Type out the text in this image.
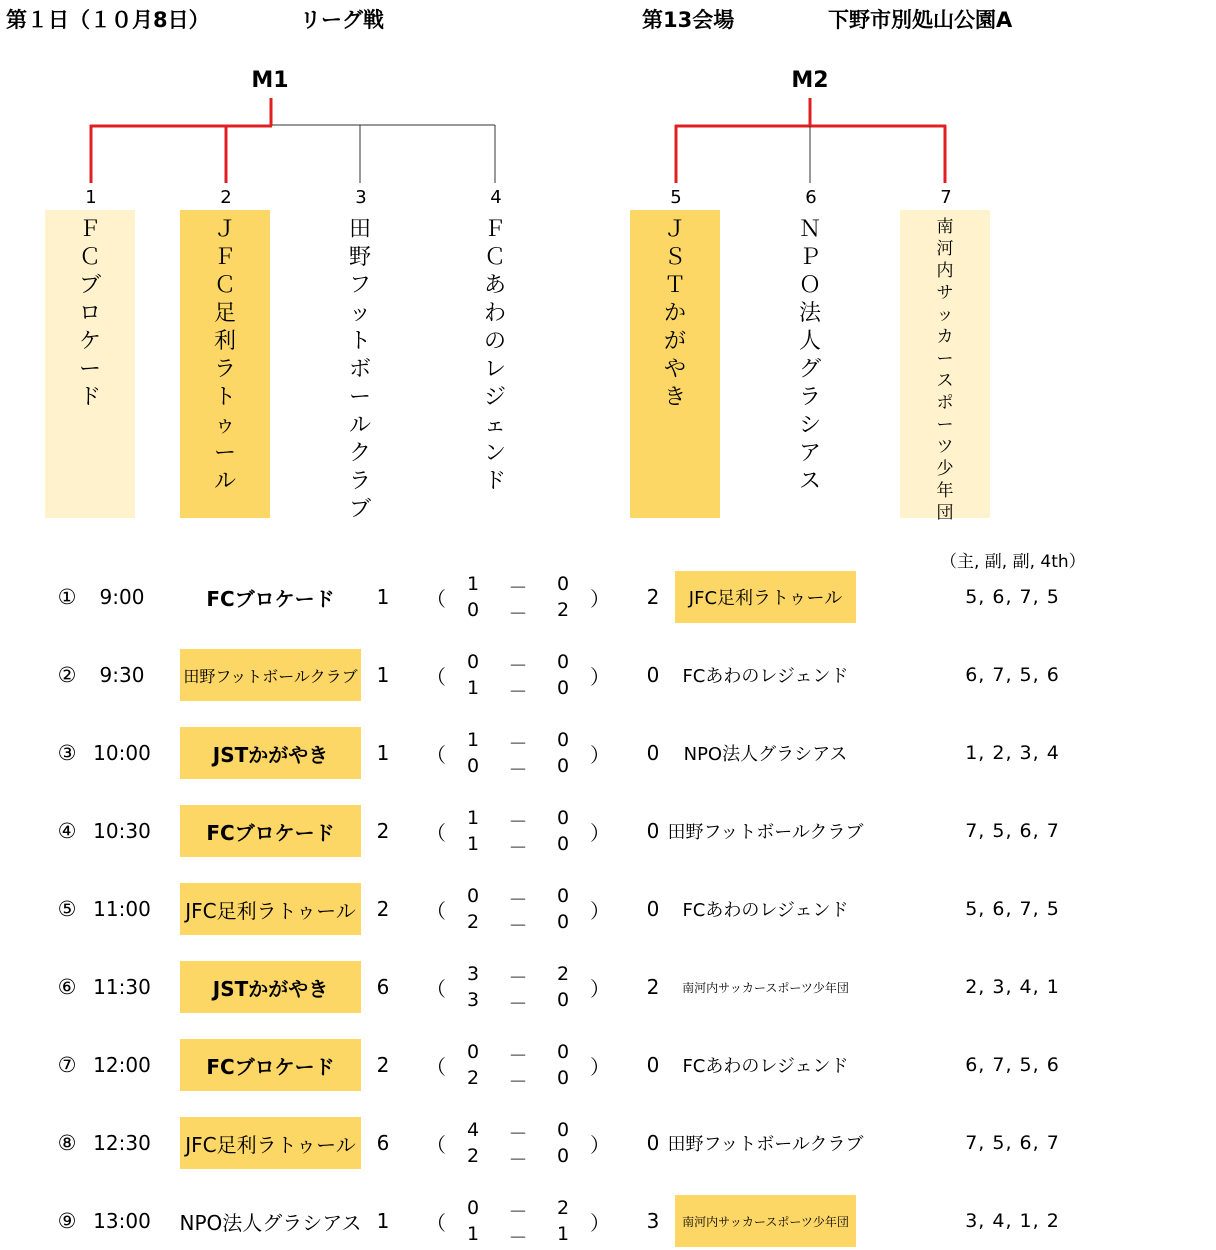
第１日（１０月8日）	リーグ戦	第13会場	下野市別処山公園A
M1	M2
1	2	3	4	5	6	7
Ｆ
Ｃ
ブ
ロ
ケ
ー
ド
Ｊ
Ｆ
Ｃ
足
利
ラ
ト
ゥ
ー
ル
田
野
フ
ッ
ト
ボ
ー
ル
ク
ラ
ブ
Ｆ
Ｃ
あ
わ
の
レ
ジ
ェ
ン
ド
Ｊ
Ｓ
Ｔ
か
が
や
き
Ｎ
Ｐ
Ｏ
法
人
グ
ラ
シ
ア
ス
南
河
内
サ
ッ
カ
ー
ス
ポ
ー
ツ
少
年
団
（主, 副, 副, 4th）
①	9:00	FCブロケード	1 （
1 － 0
0 － 2 ） 2	JFC足利ラトゥール	5, 6, 7, 5
②	9:30	田野フットボールクラブ 1 （
0 － 0
1 － 0 ） 0	FCあわのレジェンド	6, 7, 5, 6
③ 10:00	JSTかがやき	1 （
1 － 0
0 － 0 ） 0	NPO法人グラシアス	1, 2, 3, 4
④ 10:30	FCブロケード	2 （
1 － 0
1 － 0 ） 0 田野フットボールクラブ	7, 5, 6, 7
⑤ 11:00 JFC足利ラトゥール 2 （
0 － 0
2 － 0 ） 0	FCあわのレジェンド	5, 6, 7, 5
⑥ 11:30	JSTかがやき	6 （
3 － 2
3 － 0 ） 2	南河内サッカースポーツ少年団	2, 3, 4, 1
⑦ 12:00	FCブロケード	2 （
0 － 0
2 － 0 ） 0	FCあわのレジェンド	6, 7, 5, 6
⑧ 12:30 JFC足利ラトゥール 6 （
4 － 0
2 － 0 ） 0 田野フットボールクラブ	7, 5, 6, 7
⑨ 13:00 NPO法人グラシアス 1 （
0 － 2
1 － 1 ） 3	南河内サッカースポーツ少年団	3, 4, 1, 2
